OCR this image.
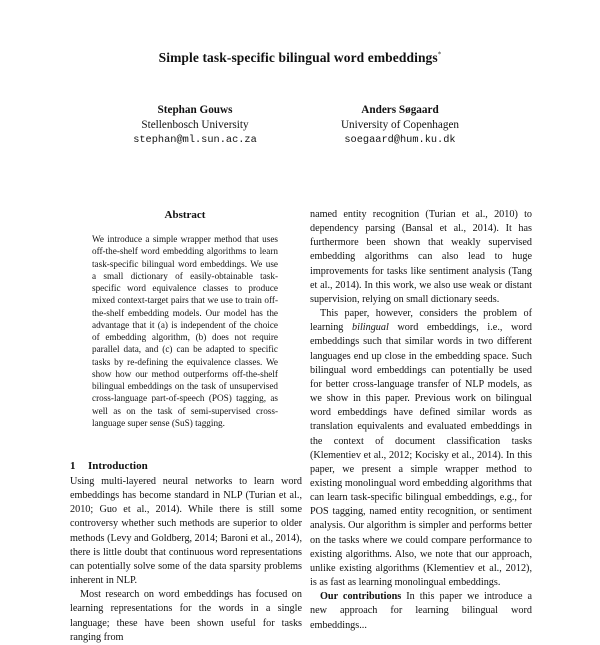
Simple task-specific bilingual word embeddings*
Stephan Gouws
Stellenbosch University
stephan@ml.sun.ac.za
Anders Søgaard
University of Copenhagen
soegaard@hum.ku.dk
Abstract
We introduce a simple wrapper method that uses off-the-shelf word embedding algorithms to learn task-specific bilingual word embeddings. We use a small dictionary of easily-obtainable task-specific word equivalence classes to produce mixed context-target pairs that we use to train off-the-shelf embedding models. Our model has the advantage that it (a) is independent of the choice of embedding algorithm, (b) does not require parallel data, and (c) can be adapted to specific tasks by re-defining the equivalence classes. We show how our method outperforms off-the-shelf bilingual embeddings on the task of unsupervised cross-language part-of-speech (POS) tagging, as well as on the task of semi-supervised cross-language super sense (SuS) tagging.
1 Introduction

Using multi-layered neural networks to learn word embeddings has become standard in NLP (Turian et al., 2010; Guo et al., 2014). While there is still some controversy whether such methods are superior to older methods (Levy and Goldberg, 2014; Baroni et al., 2014), there is little doubt that continuous word representations can potentially solve some of the data sparsity problems inherent in NLP.

Most research on word embeddings has focused on learning representations for the words in a single language; these have been shown useful for tasks ranging from

named entity recognition (Turian et al., 2010) to dependency parsing (Bansal et al., 2014). It has furthermore been shown that weakly supervised embedding algorithms can also lead to huge improvements for tasks like sentiment analysis (Tang et al., 2014). In this work, we also use weak or distant supervision, relying on small dictionary seeds.

This paper, however, considers the problem of learning bilingual word embeddings, i.e., word embeddings such that similar words in two different languages end up close in the embedding space. Such bilingual word embeddings can potentially be used for better cross-language transfer of NLP models, as we show in this paper. Previous work on bilingual word embeddings have defined similar words as translation equivalents and evaluated embeddings in the context of document classification tasks (Klementiev et al., 2012; Kocisky et al., 2014). In this paper, we present a simple wrapper method to existing monolingual word embedding algorithms that can learn task-specific bilingual embeddings, e.g., for POS tagging, named entity recognition, or sentiment analysis. Our algorithm is simpler and performs better on the tasks where we could compare performance to existing algorithms. Also, we note that our approach, unlike existing algorithms (Klementiev et al., 2012), is as fast as learning monolingual embeddings.

Our contributions In this paper we introduce a new approach for learning bilingual word embeddings...
